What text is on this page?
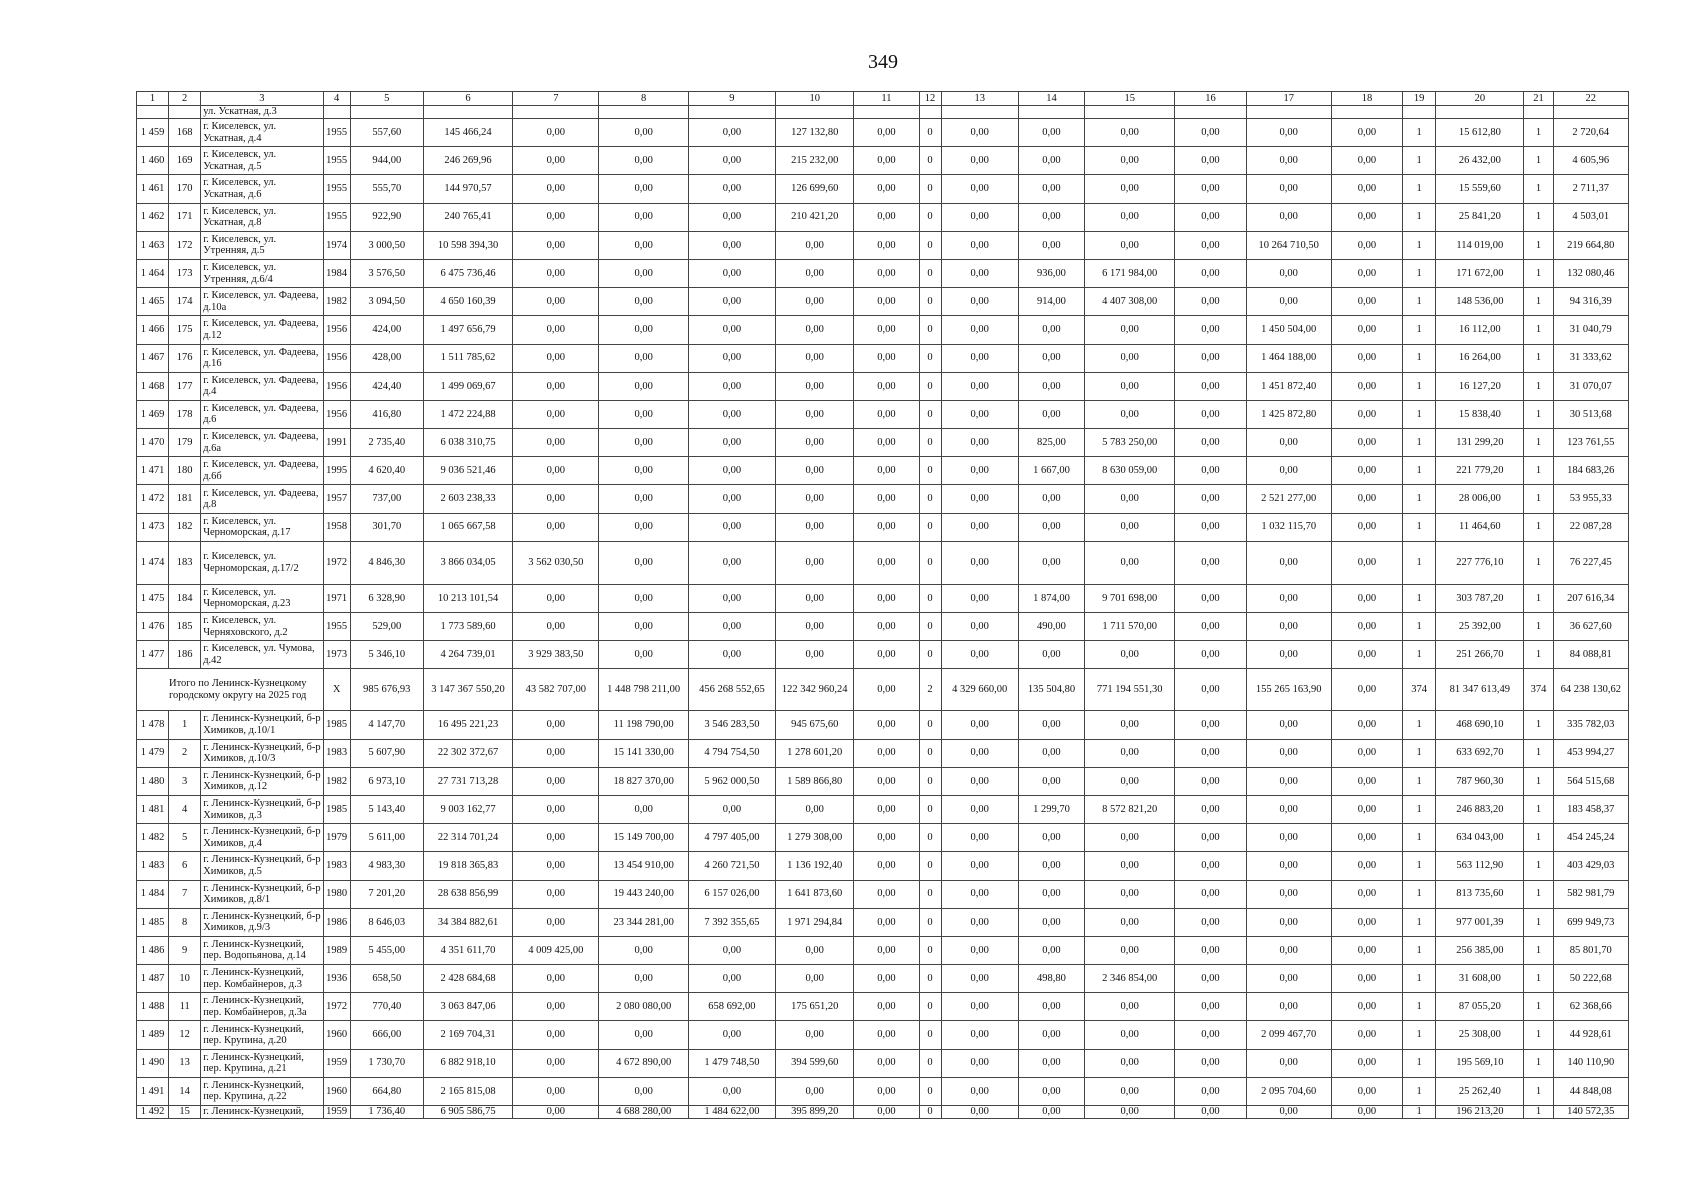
349
1	2	3	4	5	6	7	8	9	10	11	12	13	14	15	16	17	18	19	20	21	22
		ул. Ускатная, д.3																			
1 459	168	г. Киселевск, ул. Ускатная, д.4	1955	557,60	145 466,24	0,00	0,00	0,00	127 132,80	0,00	0	0,00	0,00	0,00	0,00	0,00	0,00	1	15 612,80	1	2 720,64
1 460	169	г. Киселевск, ул. Ускатная, д.5	1955	944,00	246 269,96	0,00	0,00	0,00	215 232,00	0,00	0	0,00	0,00	0,00	0,00	0,00	0,00	1	26 432,00	1	4 605,96
1 461	170	г. Киселевск, ул. Ускатная, д.6	1955	555,70	144 970,57	0,00	0,00	0,00	126 699,60	0,00	0	0,00	0,00	0,00	0,00	0,00	0,00	1	15 559,60	1	2 711,37
1 462	171	г. Киселевск, ул. Ускатная, д.8	1955	922,90	240 765,41	0,00	0,00	0,00	210 421,20	0,00	0	0,00	0,00	0,00	0,00	0,00	0,00	1	25 841,20	1	4 503,01
1 463	172	г. Киселевск, ул. Утренняя, д.5	1974	3 000,50	10 598 394,30	0,00	0,00	0,00	0,00	0,00	0	0,00	0,00	0,00	0,00	10 264 710,50	0,00	1	114 019,00	1	219 664,80
1 464	173	г. Киселевск, ул. Утренняя, д.6/4	1984	3 576,50	6 475 736,46	0,00	0,00	0,00	0,00	0,00	0	0,00	936,00	6 171 984,00	0,00	0,00	0,00	1	171 672,00	1	132 080,46
1 465	174	г. Киселевск, ул. Фадеева, д.10а	1982	3 094,50	4 650 160,39	0,00	0,00	0,00	0,00	0,00	0	0,00	914,00	4 407 308,00	0,00	0,00	0,00	1	148 536,00	1	94 316,39
1 466	175	г. Киселевск, ул. Фадеева, д.12	1956	424,00	1 497 656,79	0,00	0,00	0,00	0,00	0,00	0	0,00	0,00	0,00	0,00	1 450 504,00	0,00	1	16 112,00	1	31 040,79
1 467	176	г. Киселевск, ул. Фадеева, д.16	1956	428,00	1 511 785,62	0,00	0,00	0,00	0,00	0,00	0	0,00	0,00	0,00	0,00	1 464 188,00	0,00	1	16 264,00	1	31 333,62
1 468	177	г. Киселевск, ул. Фадеева, д.4	1956	424,40	1 499 069,67	0,00	0,00	0,00	0,00	0,00	0	0,00	0,00	0,00	0,00	1 451 872,40	0,00	1	16 127,20	1	31 070,07
1 469	178	г. Киселевск, ул. Фадеева, д.6	1956	416,80	1 472 224,88	0,00	0,00	0,00	0,00	0,00	0	0,00	0,00	0,00	0,00	1 425 872,80	0,00	1	15 838,40	1	30 513,68
1 470	179	г. Киселевск, ул. Фадеева, д.6а	1991	2 735,40	6 038 310,75	0,00	0,00	0,00	0,00	0,00	0	0,00	825,00	5 783 250,00	0,00	0,00	0,00	1	131 299,20	1	123 761,55
1 471	180	г. Киселевск, ул. Фадеева, д.6б	1995	4 620,40	9 036 521,46	0,00	0,00	0,00	0,00	0,00	0	0,00	1 667,00	8 630 059,00	0,00	0,00	0,00	1	221 779,20	1	184 683,26
1 472	181	г. Киселевск, ул. Фадеева, д.8	1957	737,00	2 603 238,33	0,00	0,00	0,00	0,00	0,00	0	0,00	0,00	0,00	0,00	2 521 277,00	0,00	1	28 006,00	1	53 955,33
1 473	182	г. Киселевск, ул. Черноморская, д.17	1958	301,70	1 065 667,58	0,00	0,00	0,00	0,00	0,00	0	0,00	0,00	0,00	0,00	1 032 115,70	0,00	1	11 464,60	1	22 087,28
1 474	183	г. Киселевск, ул. Черноморская, д.17/2	1972	4 846,30	3 866 034,05	3 562 030,50	0,00	0,00	0,00	0,00	0	0,00	0,00	0,00	0,00	0,00	0,00	1	227 776,10	1	76 227,45
1 475	184	г. Киселевск, ул. Черноморская, д.23	1971	6 328,90	10 213 101,54	0,00	0,00	0,00	0,00	0,00	0	0,00	1 874,00	9 701 698,00	0,00	0,00	0,00	1	303 787,20	1	207 616,34
1 476	185	г. Киселевск, ул. Черняховского, д.2	1955	529,00	1 773 589,60	0,00	0,00	0,00	0,00	0,00	0	0,00	490,00	1 711 570,00	0,00	0,00	0,00	1	25 392,00	1	36 627,60
1 477	186	г. Киселевск, ул. Чумова, д.42	1973	5 346,10	4 264 739,01	3 929 383,50	0,00	0,00	0,00	0,00	0	0,00	0,00	0,00	0,00	0,00	0,00	1	251 266,70	1	84 088,81
Итого по Ленинск-Кузнецкому городскому округу на 2025 год			X	985 676,93	3 147 367 550,20	43 582 707,00	1 448 798 211,00	456 268 552,65	122 342 960,24	0,00	2	4 329 660,00	135 504,80	771 194 551,30	0,00	155 265 163,90	0,00	374	81 347 613,49	374	64 238 130,62
1 478	1	г. Ленинск-Кузнецкий, б-р Химиков, д.10/1	1985	4 147,70	16 495 221,23	0,00	11 198 790,00	3 546 283,50	945 675,60	0,00	0	0,00	0,00	0,00	0,00	0,00	0,00	1	468 690,10	1	335 782,03
1 479	2	г. Ленинск-Кузнецкий, б-р Химиков, д.10/3	1983	5 607,90	22 302 372,67	0,00	15 141 330,00	4 794 754,50	1 278 601,20	0,00	0	0,00	0,00	0,00	0,00	0,00	0,00	1	633 692,70	1	453 994,27
1 480	3	г. Ленинск-Кузнецкий, б-р Химиков, д.12	1982	6 973,10	27 731 713,28	0,00	18 827 370,00	5 962 000,50	1 589 866,80	0,00	0	0,00	0,00	0,00	0,00	0,00	0,00	1	787 960,30	1	564 515,68
1 481	4	г. Ленинск-Кузнецкий, б-р Химиков, д.3	1985	5 143,40	9 003 162,77	0,00	0,00	0,00	0,00	0,00	0	0,00	1 299,70	8 572 821,20	0,00	0,00	0,00	1	246 883,20	1	183 458,37
1 482	5	г. Ленинск-Кузнецкий, б-р Химиков, д.4	1979	5 611,00	22 314 701,24	0,00	15 149 700,00	4 797 405,00	1 279 308,00	0,00	0	0,00	0,00	0,00	0,00	0,00	0,00	1	634 043,00	1	454 245,24
1 483	6	г. Ленинск-Кузнецкий, б-р Химиков, д.5	1983	4 983,30	19 818 365,83	0,00	13 454 910,00	4 260 721,50	1 136 192,40	0,00	0	0,00	0,00	0,00	0,00	0,00	0,00	1	563 112,90	1	403 429,03
1 484	7	г. Ленинск-Кузнецкий, б-р Химиков, д.8/1	1980	7 201,20	28 638 856,99	0,00	19 443 240,00	6 157 026,00	1 641 873,60	0,00	0	0,00	0,00	0,00	0,00	0,00	0,00	1	813 735,60	1	582 981,79
1 485	8	г. Ленинск-Кузнецкий, б-р Химиков, д.9/3	1986	8 646,03	34 384 882,61	0,00	23 344 281,00	7 392 355,65	1 971 294,84	0,00	0	0,00	0,00	0,00	0,00	0,00	0,00	1	977 001,39	1	699 949,73
1 486	9	г. Ленинск-Кузнецкий, пер. Водопьянова, д.14	1989	5 455,00	4 351 611,70	4 009 425,00	0,00	0,00	0,00	0,00	0	0,00	0,00	0,00	0,00	0,00	0,00	1	256 385,00	1	85 801,70
1 487	10	г. Ленинск-Кузнецкий, пер. Комбайнеров, д.3	1936	658,50	2 428 684,68	0,00	0,00	0,00	0,00	0,00	0	0,00	498,80	2 346 854,00	0,00	0,00	0,00	1	31 608,00	1	50 222,68
1 488	11	г. Ленинск-Кузнецкий, пер. Комбайнеров, д.3а	1972	770,40	3 063 847,06	0,00	2 080 080,00	658 692,00	175 651,20	0,00	0	0,00	0,00	0,00	0,00	0,00	0,00	1	87 055,20	1	62 368,66
1 489	12	г. Ленинск-Кузнецкий, пер. Крупина, д.20	1960	666,00	2 169 704,31	0,00	0,00	0,00	0,00	0,00	0	0,00	0,00	0,00	0,00	2 099 467,70	0,00	1	25 308,00	1	44 928,61
1 490	13	г. Ленинск-Кузнецкий, пер. Крупина, д.21	1959	1 730,70	6 882 918,10	0,00	4 672 890,00	1 479 748,50	394 599,60	0,00	0	0,00	0,00	0,00	0,00	0,00	0,00	1	195 569,10	1	140 110,90
1 491	14	г. Ленинск-Кузнецкий, пер. Крупина, д.22	1960	664,80	2 165 815,08	0,00	0,00	0,00	0,00	0,00	0	0,00	0,00	0,00	0,00	2 095 704,60	0,00	1	25 262,40	1	44 848,08
1 492	15	г. Ленинск-Кузнецкий,	1959	1 736,40	6 905 586,75	0,00	4 688 280,00	1 484 622,00	395 899,20	0,00	0	0,00	0,00	0,00	0,00	0,00	0,00	1	196 213,20	1	140 572,35
